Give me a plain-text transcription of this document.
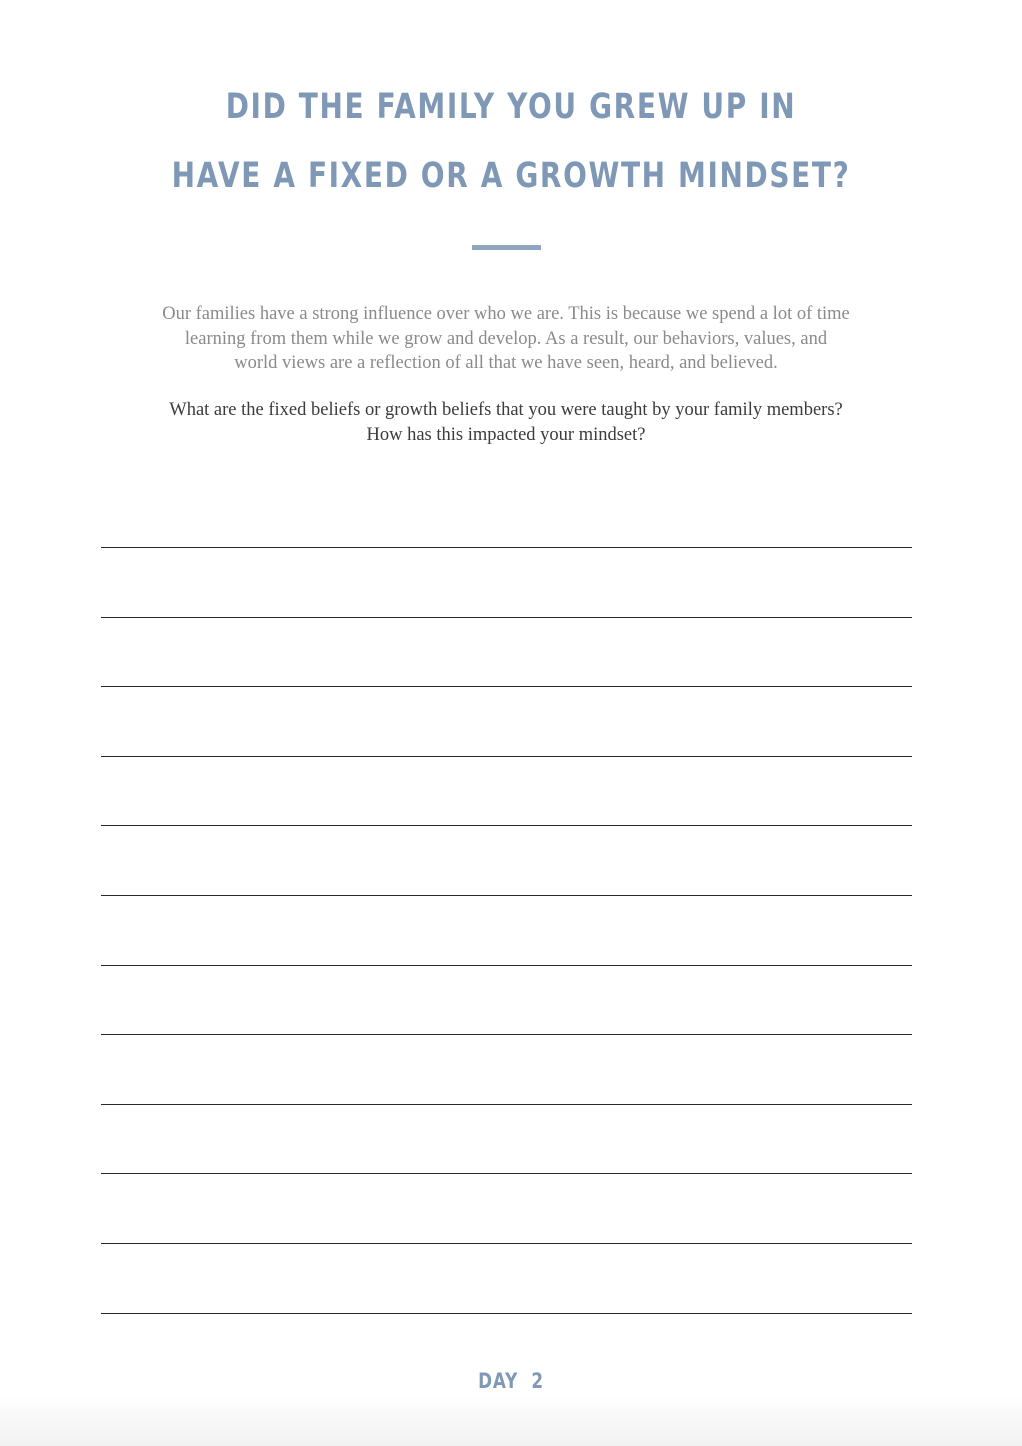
DID THE FAMILY YOU GREW UP IN
HAVE A FIXED OR A GROWTH MINDSET?

Our families have a strong influence over who we are. This is because we spend a lot of time

learning from them while we grow and develop. As a result, our behaviors, values, and

world views are a reflection of all that we have seen, heard, and believed.

What are the fixed beliefs or growth beliefs that you were taught by your family members?

How has this impacted your mindset?

DAY  2
